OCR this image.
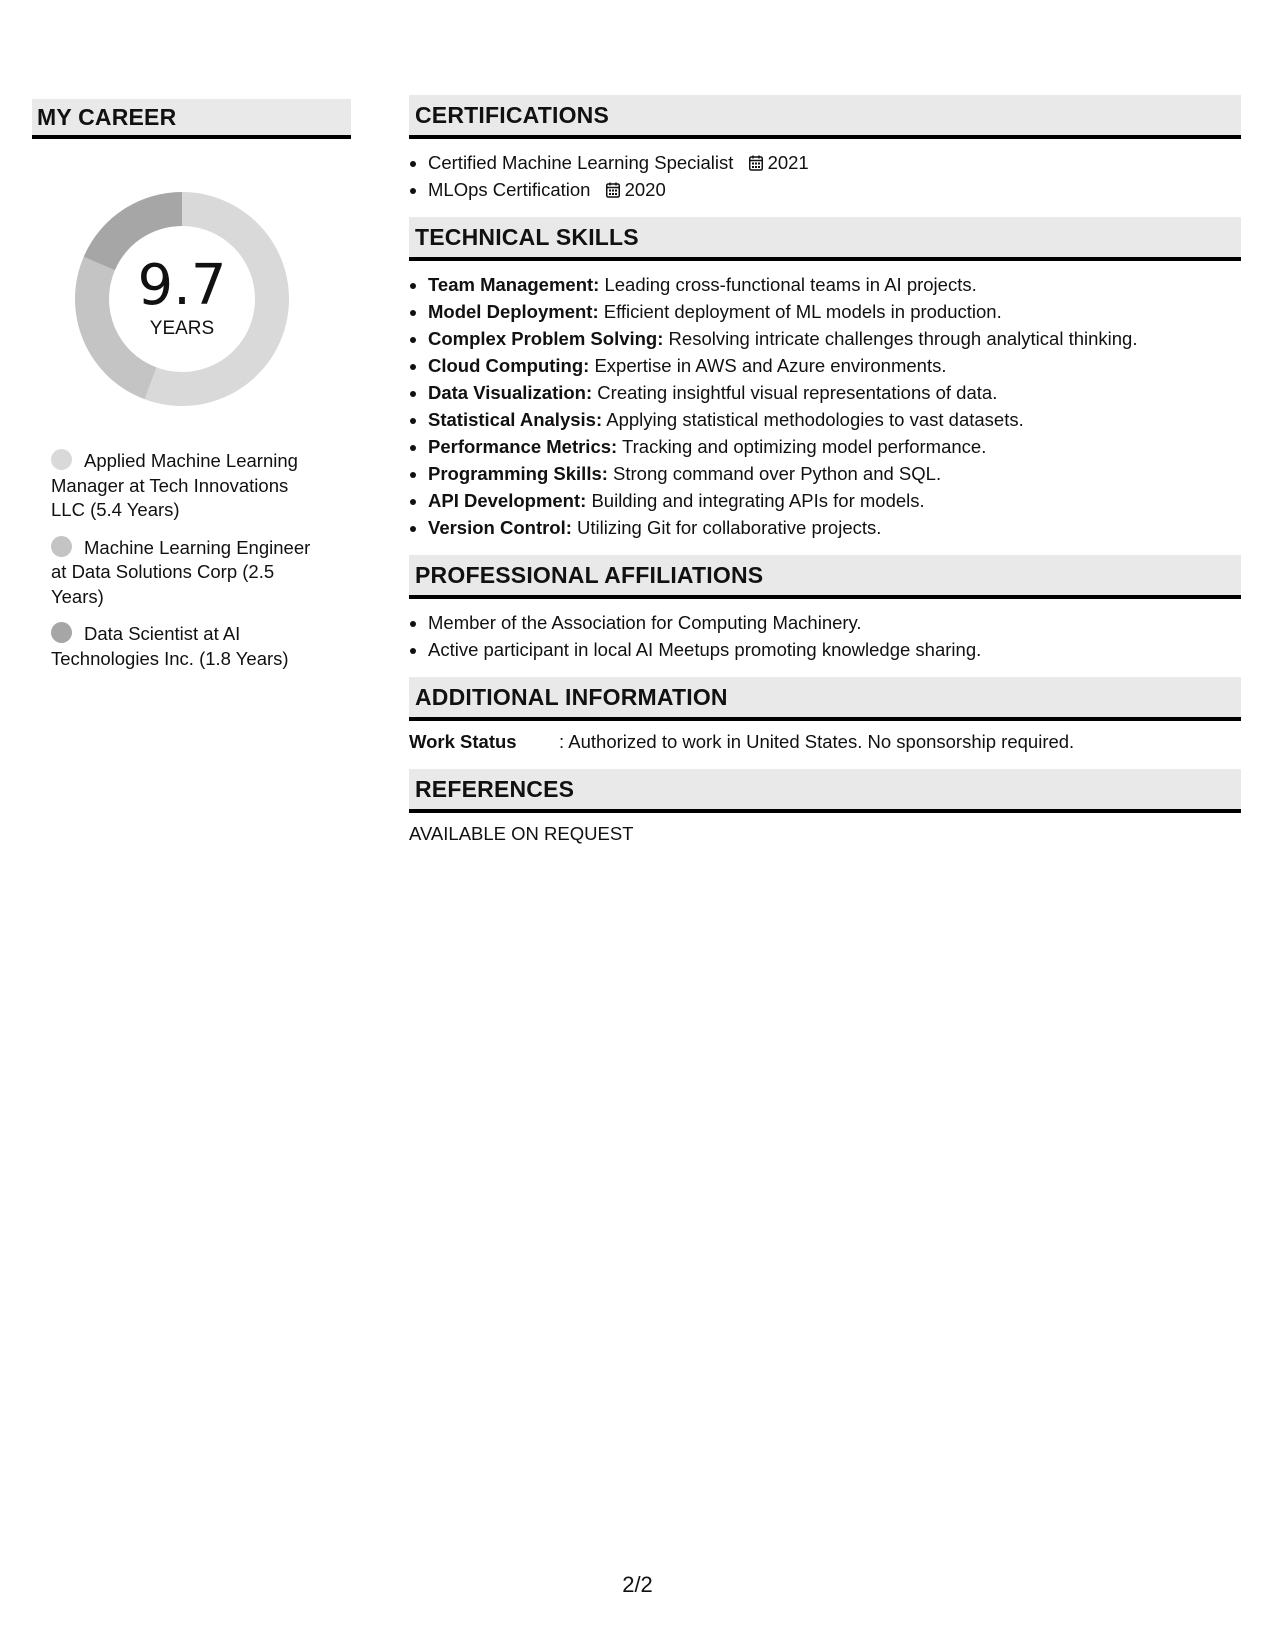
MY CAREER
9.7
YEARS
Applied Machine Learning Manager at Tech Innovations LLC (5.4 Years)
Machine Learning Engineer at Data Solutions Corp (2.5 Years)
Data Scientist at AI Technologies Inc. (1.8 Years)
CERTIFICATIONS
• Certified Machine Learning Specialist 2021
• MLOps Certification 2020
TECHNICAL SKILLS
• Team Management: Leading cross-functional teams in AI projects.
• Model Deployment: Efficient deployment of ML models in production.
• Complex Problem Solving: Resolving intricate challenges through analytical thinking.
• Cloud Computing: Expertise in AWS and Azure environments.
• Data Visualization: Creating insightful visual representations of data.
• Statistical Analysis: Applying statistical methodologies to vast datasets.
• Performance Metrics: Tracking and optimizing model performance.
• Programming Skills: Strong command over Python and SQL.
• API Development: Building and integrating APIs for models.
• Version Control: Utilizing Git for collaborative projects.
PROFESSIONAL AFFILIATIONS
• Member of the Association for Computing Machinery.
• Active participant in local AI Meetups promoting knowledge sharing.
ADDITIONAL INFORMATION
Work Status	: Authorized to work in United States. No sponsorship required.
REFERENCES
AVAILABLE ON REQUEST
2/2
